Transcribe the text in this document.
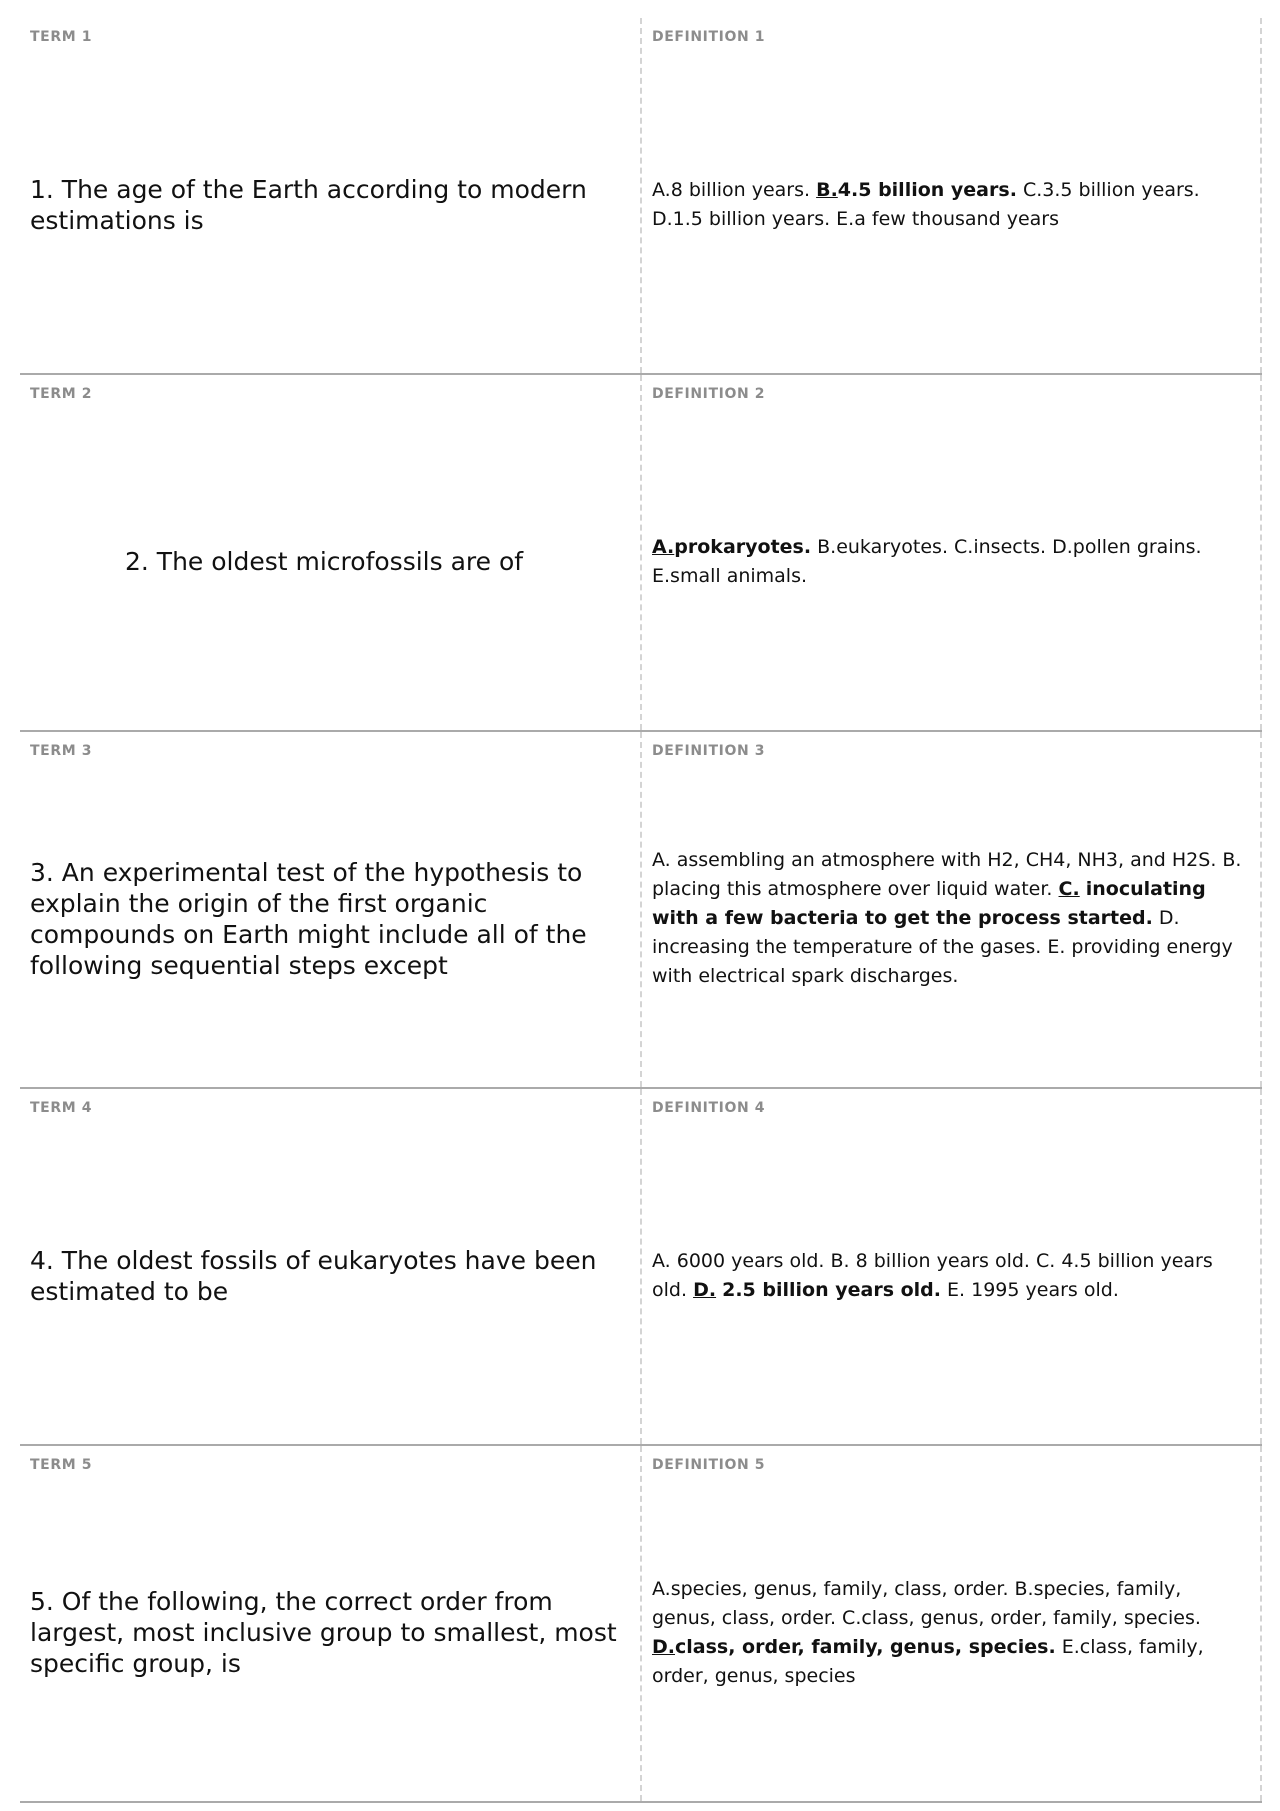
TERM 1
1. The age of the Earth according to modern estimations is
DEFINITION 1
A.8 billion years. B.4.5 billion years. C.3.5 billion years. D.1.5 billion years. E.a few thousand years
TERM 2
2. The oldest microfossils are of
DEFINITION 2
A.prokaryotes. B.eukaryotes. C.insects. D.pollen grains. E.small animals.
TERM 3
3. An experimental test of the hypothesis to explain the origin of the first organic compounds on Earth might include all of the following sequential steps except
DEFINITION 3
A. assembling an atmosphere with H2, CH4, NH3, and H2S. B. placing this atmosphere over liquid water. C. inoculating with a few bacteria to get the process started. D. increasing the temperature of the gases. E. providing energy with electrical spark discharges.
TERM 4
4. The oldest fossils of eukaryotes have been estimated to be
DEFINITION 4
A. 6000 years old. B. 8 billion years old. C. 4.5 billion years old. D. 2.5 billion years old. E. 1995 years old.
TERM 5
5. Of the following, the correct order from largest, most inclusive group to smallest, most specific group, is
DEFINITION 5
A.species, genus, family, class, order. B.species, family, genus, class, order. C.class, genus, order, family, species. D.class, order, family, genus, species. E.class, family, order, genus, species
